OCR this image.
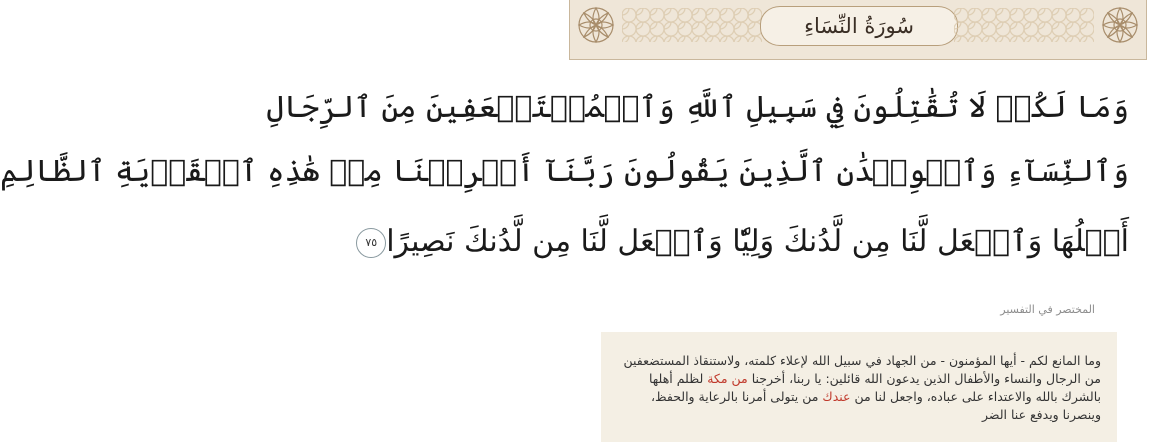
سُورَةُ النِّسَاءِ
وَمَا لَكُمۡ لَا تُقَٰتِلُونَ فِي سَبِيلِ ٱللَّهِ وَٱلۡمُسۡتَضۡعَفِينَ مِنَ ٱلرِّجَالِ
وَٱلنِّسَآءِ وَٱلۡوِلۡدَٰنِ ٱلَّذِينَ يَقُولُونَ رَبَّنَآ أَخۡرِجۡنَا مِنۡ هَٰذِهِ ٱلۡقَرۡيَةِ ٱلظَّالِمِ
أَهۡلُهَا وَٱجۡعَل لَّنَا مِن لَّدُنكَ وَلِيّٗا وَٱجۡعَل لَّنَا مِن لَّدُنكَ نَصِيرًا٧٥
المختصر في التفسير
وما المانع لكم - أيها المؤمنون - من الجهاد في سبيل الله لإعلاء كلمته، ولاستنقاذ المستضعفين من الرجال والنساء والأطفال الذين يدعون الله قائلين: يا ربنا، أخرجنا من مكة لظلم أهلها بالشرك بالله والاعتداء على عباده، واجعل لنا من عندك من يتولى أمرنا بالرعاية والحفظ، وينصرنا ويدفع عنا الضر
